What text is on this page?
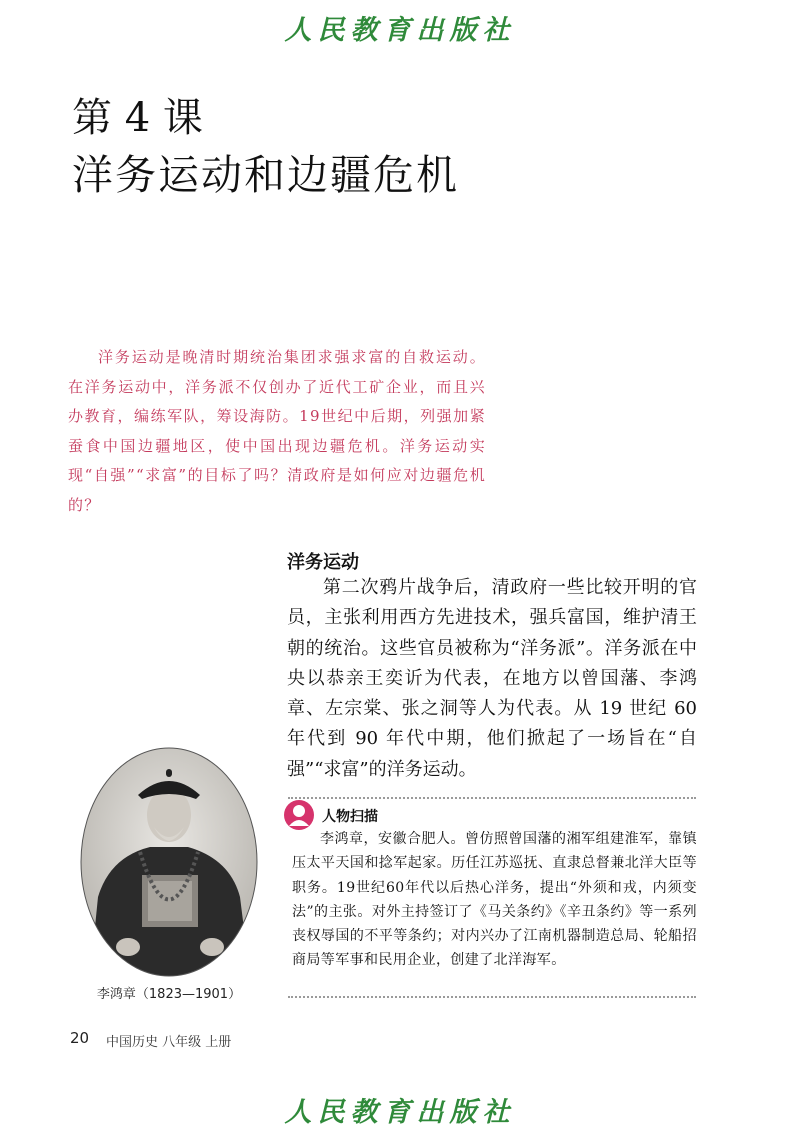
人民教育出版社
第 4 课
洋务运动和边疆危机

洋务运动是晚清时期统治集团求强求富的自救运动。在洋务运动中，洋务派不仅创办了近代工矿企业，而且兴办教育，编练军队，筹设海防。19世纪中后期，列强加紧蚕食中国边疆地区，使中国出现边疆危机。洋务运动实现“自强”“求富”的目标了吗？清政府是如何应对边疆危机的？

洋务运动

第二次鸦片战争后，清政府一些比较开明的官员，主张利用西方先进技术，强兵富国，维护清王朝的统治。这些官员被称为“洋务派”。洋务派在中央以恭亲王奕䜣为代表，在地方以曾国藩、李鸿章、左宗棠、张之洞等人为代表。从 19 世纪 60 年代到 90 年代中期，他们掀起了一场旨在“自强”“求富”的洋务运动。

李鸿章（1823—1901）
人物扫描

李鸿章，安徽合肥人。曾仿照曾国藩的湘军组建淮军，靠镇压太平天国和捻军起家。历任江苏巡抚、直隶总督兼北洋大臣等职务。19世纪60年代以后热心洋务，提出“外须和戎，内须变法”的主张。对外主持签订了《马关条约》《辛丑条约》等一系列丧权辱国的不平等条约；对内兴办了江南机器制造总局、轮船招商局等军事和民用企业，创建了北洋海军。

20 中国历史 八年级 上册
人民教育出版社
